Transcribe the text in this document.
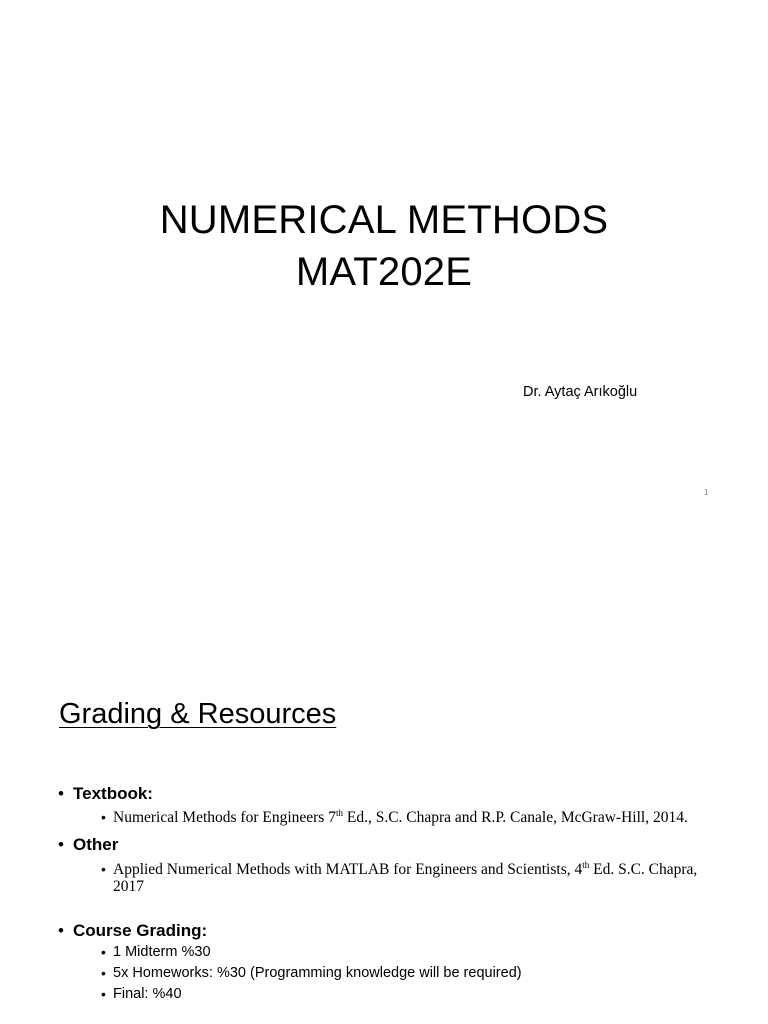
NUMERICAL METHODS
MAT202E
Dr. Aytaç Arıkoğlu
1
Grading & Resources
• Textbook:
• Numerical Methods for Engineers 7th Ed., S.C. Chapra and R.P. Canale, McGraw-Hill, 2014.
• Other
• Applied Numerical Methods with MATLAB for Engineers and Scientists, 4th Ed. S.C. Chapra, 2017
• Course Grading:
• 1 Midterm %30
• 5x Homeworks: %30 (Programming knowledge will be required)
• Final: %40
